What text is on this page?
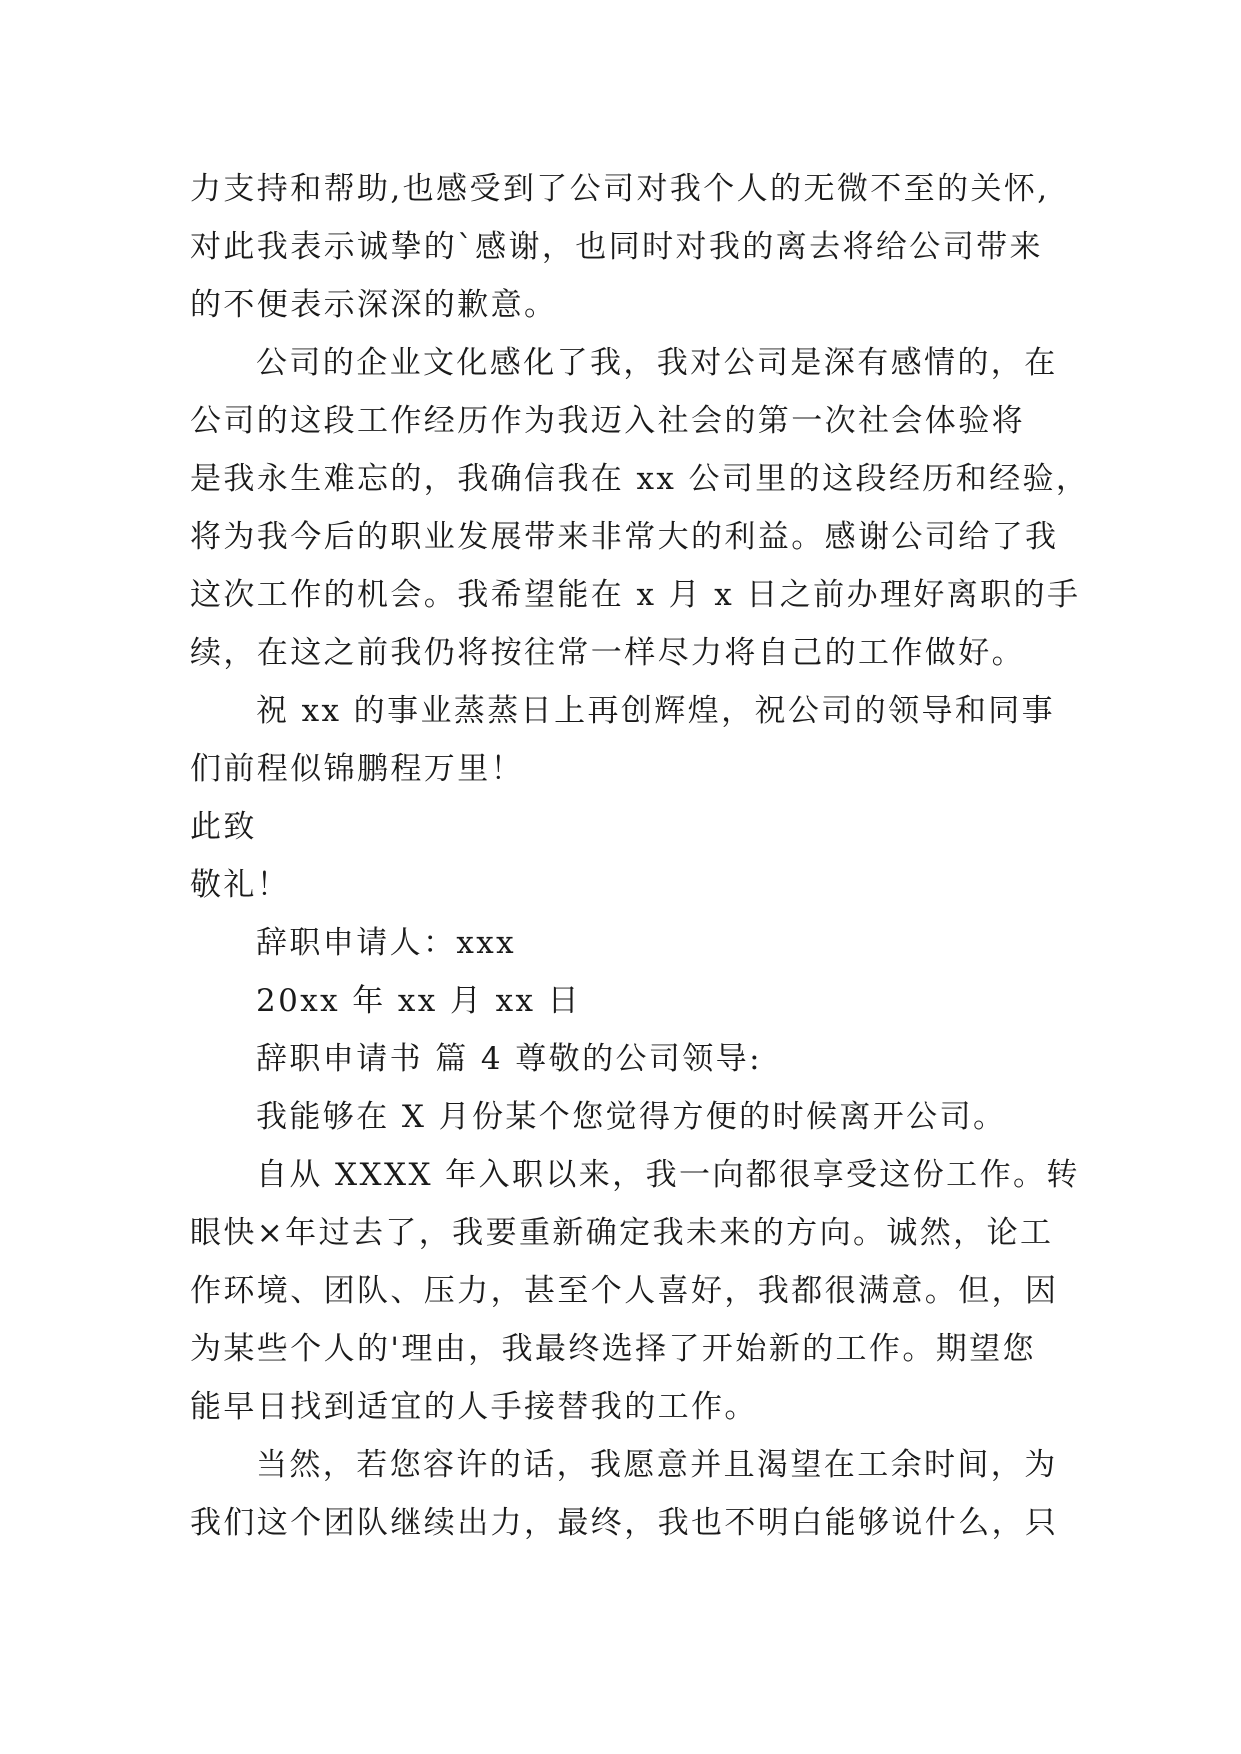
力支持和帮助,也感受到了公司对我个人的无微不至的关怀,
对此我表示诚挚的`感谢，也同时对我的离去将给公司带来
的不便表示深深的歉意。
公司的企业文化感化了我，我对公司是深有感情的，在
公司的这段工作经历作为我迈入社会的第一次社会体验将
是我永生难忘的，我确信我在 xx 公司里的这段经历和经验，
将为我今后的职业发展带来非常大的利益。感谢公司给了我
这次工作的机会。我希望能在 x 月 x 日之前办理好离职的手
续，在这之前我仍将按往常一样尽力将自己的工作做好。
祝 xx 的事业蒸蒸日上再创辉煌，祝公司的领导和同事
们前程似锦鹏程万里！
此致
敬礼！
辞职申请人：xxx
20xx 年 xx 月 xx 日
辞职申请书 篇 4 尊敬的公司领导:
我能够在 X 月份某个您觉得方便的时候离开公司。
自从 XXXX 年入职以来，我一向都很享受这份工作。转
眼快×年过去了，我要重新确定我未来的方向。诚然，论工
作环境、团队、压力，甚至个人喜好，我都很满意。但，因
为某些个人的'理由，我最终选择了开始新的工作。期望您
能早日找到适宜的人手接替我的工作。
当然，若您容许的话，我愿意并且渴望在工余时间，为
我们这个团队继续出力，最终，我也不明白能够说什么，只
